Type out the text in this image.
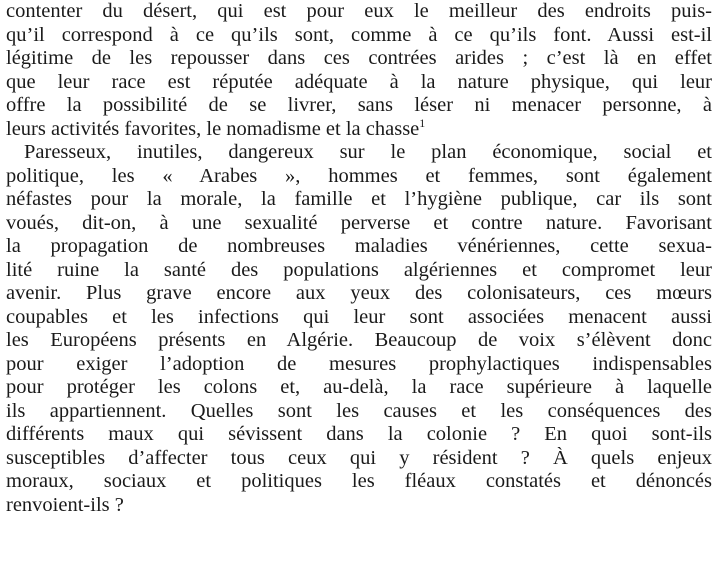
contenter du désert, qui est pour eux le meilleur des endroits puis-
qu’il correspond à ce qu’ils sont, comme à ce qu’ils font. Aussi est-il
légitime de les repousser dans ces contrées arides ; c’est là en effet
que leur race est réputée adéquate à la nature physique, qui leur
offre la possibilité de se livrer, sans léser ni menacer personne, à
leurs activités favorites, le nomadisme et la chasse$^1$
Paresseux, inutiles, dangereux sur le plan économique, social et
politique, les « Arabes », hommes et femmes, sont également
néfastes pour la morale, la famille et l’hygiène publique, car ils sont
voués, dit-on, à une sexualité perverse et contre nature. Favorisant
la propagation de nombreuses maladies vénériennes, cette sexua-
lité ruine la santé des populations algériennes et compromet leur
avenir. Plus grave encore aux yeux des colonisateurs, ces mœurs
coupables et les infections qui leur sont associées menacent aussi
les Européens présents en Algérie. Beaucoup de voix s’élèvent donc
pour exiger l’adoption de mesures prophylactiques indispensables
pour protéger les colons et, au-delà, la race supérieure à laquelle
ils appartiennent. Quelles sont les causes et les conséquences des
différents maux qui sévissent dans la colonie ? En quoi sont-ils
susceptibles d’affecter tous ceux qui y résident ? À quels enjeux
moraux, sociaux et politiques les fléaux constatés et dénoncés
renvoient-ils ?
